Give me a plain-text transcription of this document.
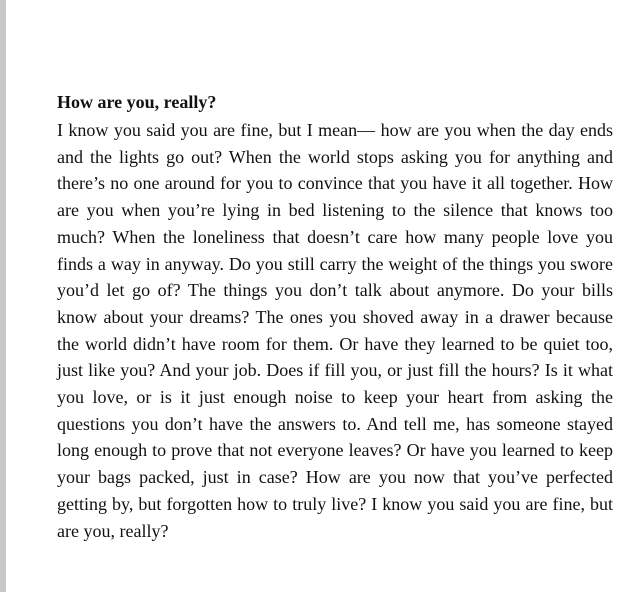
How are you, really?

I know you said you are fine, but I mean— how are you when the day ends and the lights go out? When the world stops asking you for anything and there’s no one around for you to convince that you have it all together. How are you when you’re lying in bed listening to the silence that knows too much? When the loneliness that doesn’t care how many people love you finds a way in anyway. Do you still carry the weight of the things you swore you’d let go of? The things you don’t talk about anymore. Do your bills know about your dreams? The ones you shoved away in a drawer because the world didn’t have room for them. Or have they learned to be quiet too, just like you? And your job. Does if fill you, or just fill the hours? Is it what you love, or is it just enough noise to keep your heart from asking the questions you don’t have the answers to. And tell me, has someone stayed long enough to prove that not everyone leaves? Or have you learned to keep your bags packed, just in case? How are you now that you’ve perfected getting by, but forgotten how to truly live? I know you said you are fine, but are you, really?
